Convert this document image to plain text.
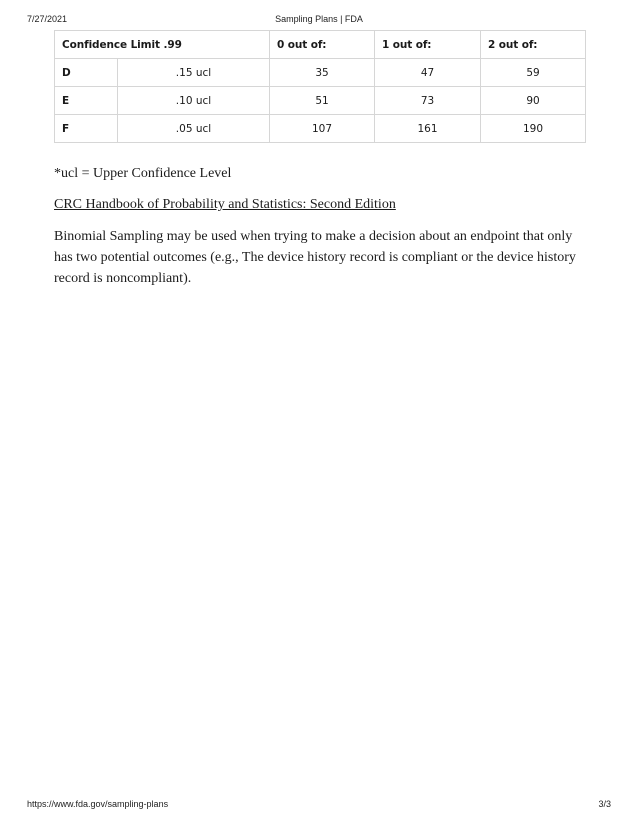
7/27/2021	Sampling Plans | FDA
Confidence Limit .99		0 out of:	1 out of:	2 out of:
D	.15 ucl	35	47	59
E	.10 ucl	51	73	90
F	.05 ucl	107	161	190

*ucl = Upper Confidence Level

CRC Handbook of Probability and Statistics: Second Edition

Binomial Sampling may be used when trying to make a decision about an endpoint that only has two potential outcomes (e.g., The device history record is compliant or the device history record is noncompliant).

https://www.fda.gov/sampling-plans	3/3
